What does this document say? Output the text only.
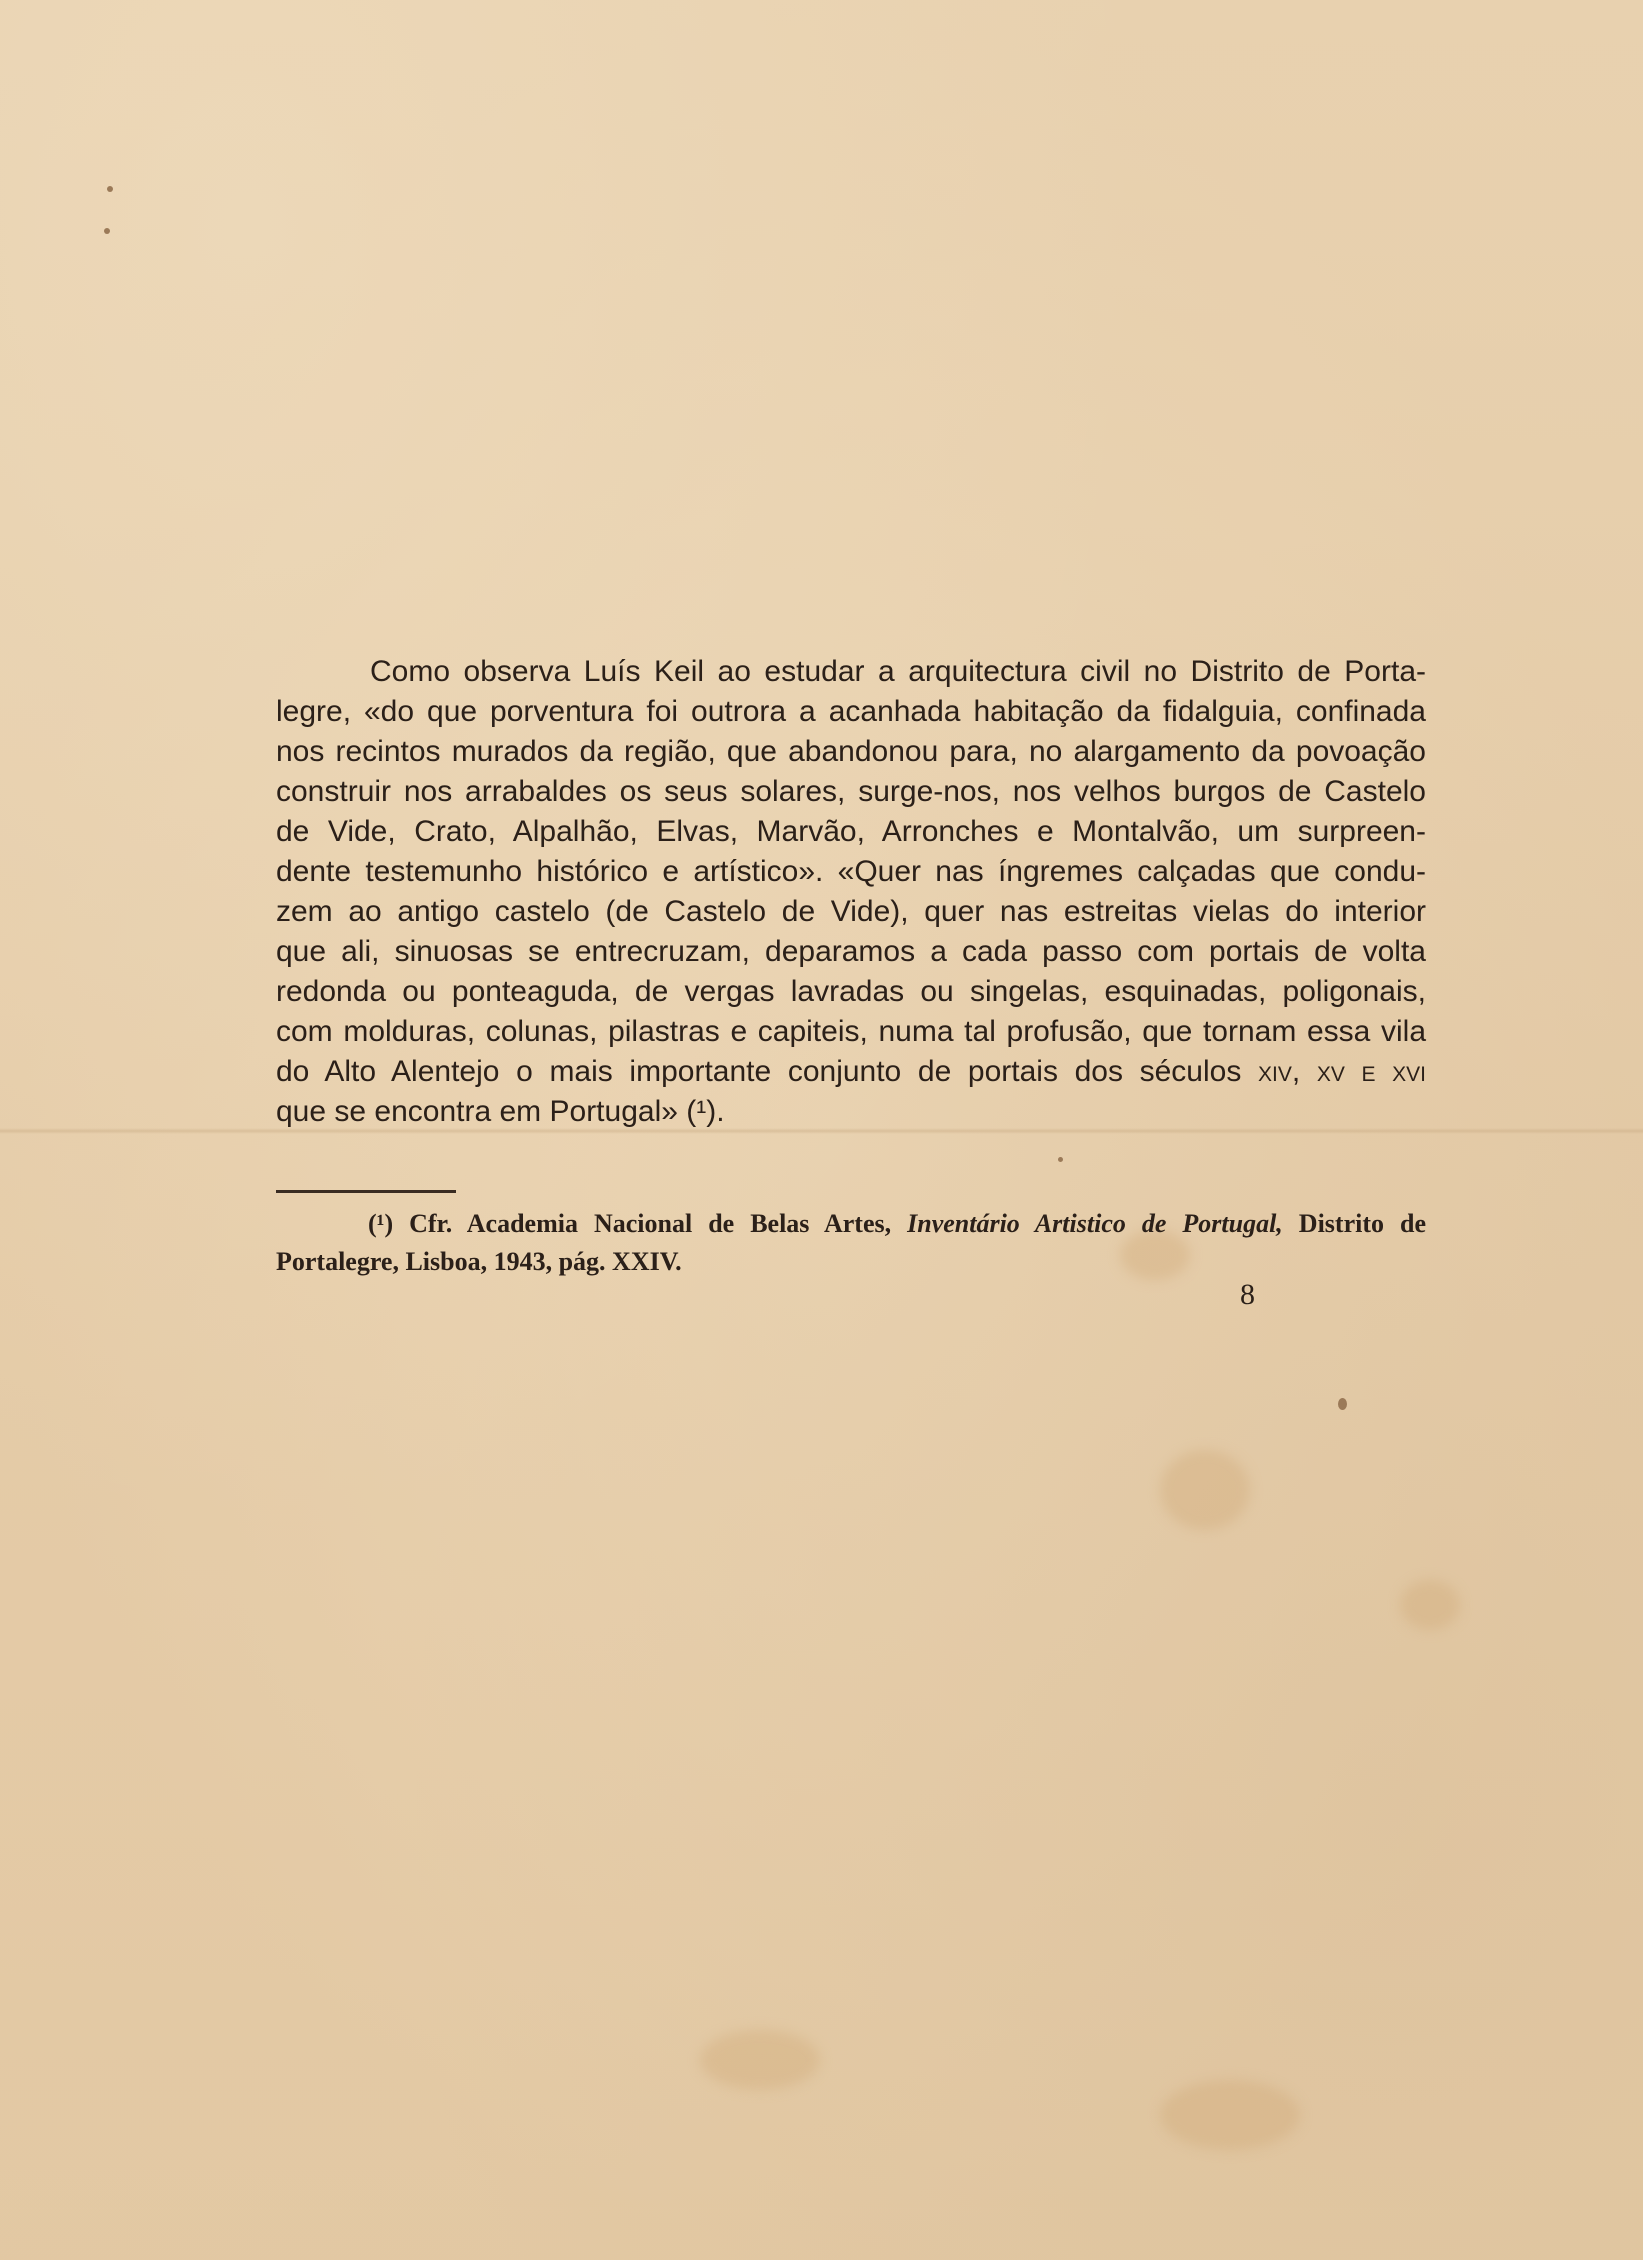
Como observa Luís Keil ao estudar a arquitectura civil no Distrito de Porta-
legre, «do que porventura foi outrora a acanhada habitação da fidalguia, confinada
nos recintos murados da região, que abandonou para, no alargamento da povoação
construir nos arrabaldes os seus solares, surge-nos, nos velhos burgos de Castelo
de Vide, Crato, Alpalhão, Elvas, Marvão, Arronches e Montalvão, um surpreen-
dente testemunho histórico e artístico». «Quer nas íngremes calçadas que condu-
zem ao antigo castelo (de Castelo de Vide), quer nas estreitas vielas do interior
que ali, sinuosas se entrecruzam, deparamos a cada passo com portais de volta
redonda ou ponteaguda, de vergas lavradas ou singelas, esquinadas, poligonais,
com molduras, colunas, pilastras e capiteis, numa tal profusão, que tornam essa vila
do Alto Alentejo o mais importante conjunto de portais dos séculos xiv, xv e xvi
que se encontra em Portugal» (¹).
(¹) Cfr. Academia Nacional de Belas Artes, Inventário Artistico de Portugal, Distrito de
Portalegre, Lisboa, 1943, pág. XXIV.
8
